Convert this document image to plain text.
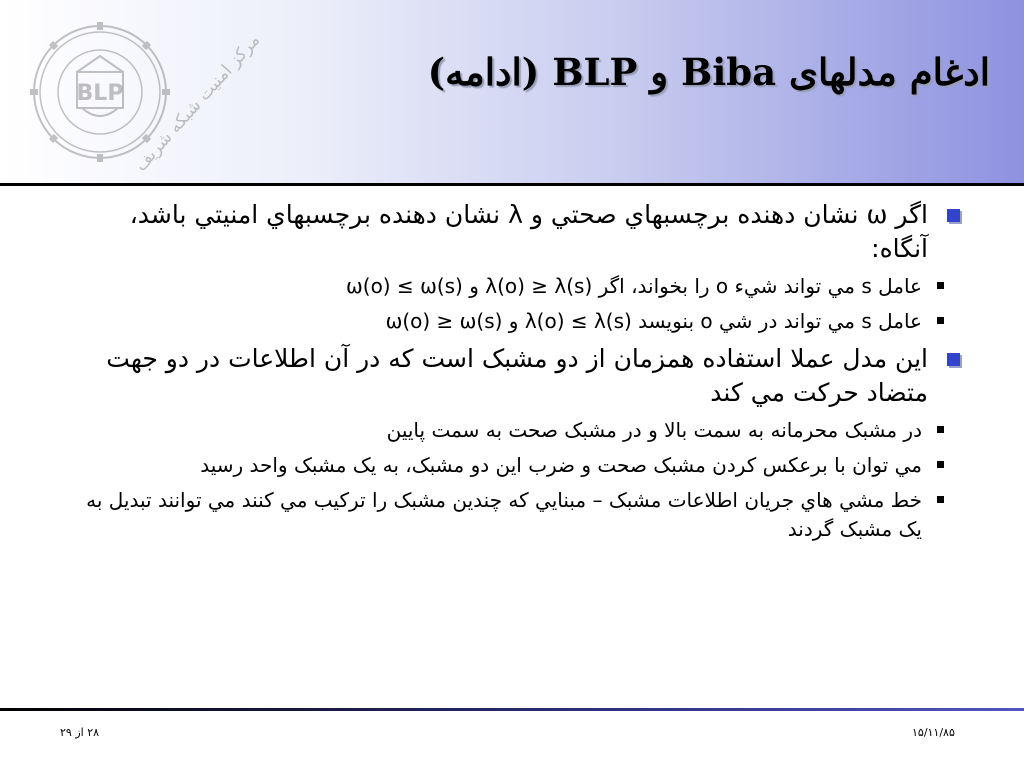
BLP مرکز امنیت شبکه شریف	ادغام مدلهای Biba و BLP (ادامه)
اگر ω نشان دهنده برچسبهاي صحتي و λ نشان دهنده برچسبهاي امنيتي باشد، آنگاه:
عامل s مي تواند شيء o را بخواند، اگر λ(o) ≥ λ(s) و ω(o) ≤ ω(s)
عامل s مي تواند در شي o بنويسد λ(o) ≤ λ(s) و ω(o) ≥ ω(s)
اين مدل عملا استفاده همزمان از دو مشبک است که در آن اطلاعات در دو جهت متضاد حرکت مي کند
در مشبک محرمانه به سمت بالا و در مشبک صحت به سمت پايين
مي توان با برعکس کردن مشبک صحت و ضرب اين دو مشبک، به يک مشبک واحد رسيد
خط مشي هاي جريان اطلاعات مشبک – مبنايي که چندين مشبک را ترکيب مي کنند مي توانند تبديل به يک مشبک گردند
۱۵/۱۱/۸۵
۲۸ از ۲۹
